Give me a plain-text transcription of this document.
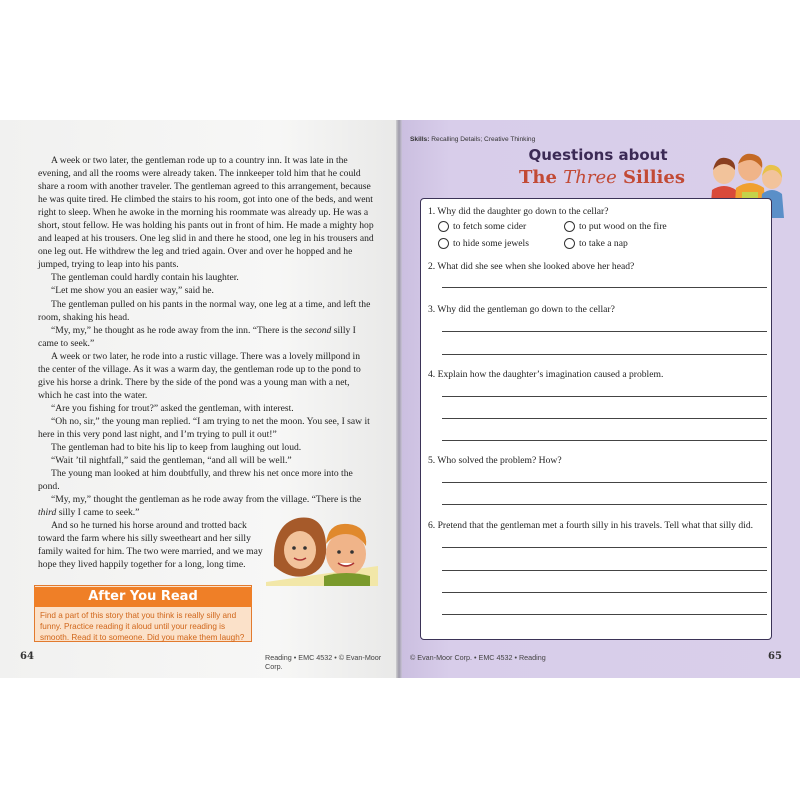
A week or two later, the gentleman rode up to a country inn. It was late in the evening, and all the rooms were already taken. The innkeeper told him that he could share a room with another traveler. The gentleman agreed to this arrangement, because he was quite tired. He climbed the stairs to his room, got into one of the beds, and went right to sleep. When he awoke in the morning his roommate was already up. He was a short, stout fellow. He was holding his pants out in front of him. He made a mighty hop and leaped at his trousers. One leg slid in and there he stood, one leg in his trousers and one leg out. He withdrew the leg and tried again. Over and over he hopped and he jumped, trying to leap into his pants.

The gentleman could hardly contain his laughter.

“Let me show you an easier way,” said he.

The gentleman pulled on his pants in the normal way, one leg at a time, and left the room, shaking his head.

“My, my,” he thought as he rode away from the inn. “There is the second silly I came to seek.”

A week or two later, he rode into a rustic village. There was a lovely millpond in the center of the village. As it was a warm day, the gentleman rode up to the pond to give his horse a drink. There by the side of the pond was a young man with a net, which he cast into the water.

“Are you fishing for trout?” asked the gentleman, with interest.

“Oh no, sir,” the young man replied. “I am trying to net the moon. You see, I saw it here in this very pond last night, and I’m trying to pull it out!”

The gentleman had to bite his lip to keep from laughing out loud.

“Wait ’til nightfall,” said the gentleman, “and all will be well.”

The young man looked at him doubtfully, and threw his net once more into the pond.

“My, my,” thought the gentleman as he rode away from the village. “There is the third silly I came to seek.”

And so he turned his horse around and trotted back toward the farm where his silly sweetheart and her silly family waited for him. The two were married, and we may hope they lived happily together for a long, long time.

After You Read
Find a part of this story that you think is really silly and funny. Practice reading it aloud until your reading is smooth. Read it to someone. Did you make them laugh?
64	Reading • EMC 4532 • © Evan-Moor Corp.
Skills: Recalling Details; Creative Thinking
Questions about
The Three Sillies
1. Why did the daughter go down to the cellar?
to fetch some cider	to put wood on the fire
to hide some jewels	to take a nap
2. What did she see when she looked above her head?
3. Why did the gentleman go down to the cellar?
4. Explain how the daughter’s imagination caused a problem.
5. Who solved the problem? How?
6. Pretend that the gentleman met a fourth silly in his travels. Tell what that silly did.
© Evan-Moor Corp. • EMC 4532 • Reading	65
